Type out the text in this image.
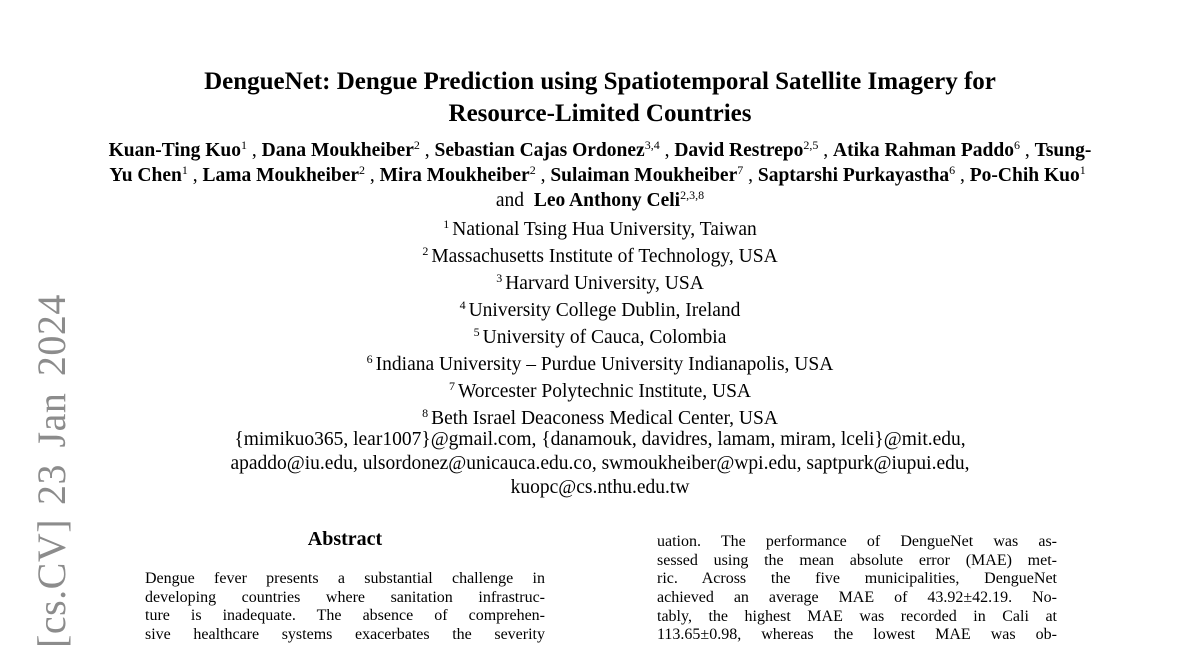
[cs.CV]23 Jan 2024
DengueNet: Dengue Prediction using Spatiotemporal Satellite Imagery for
Resource-Limited Countries
Kuan-Ting Kuo$^1$ , Dana Moukheiber$^2$ , Sebastian Cajas Ordonez$^{3,4}$ , David Restrepo$^{2,5}$ , Atika Rahman Paddo$^6$ , Tsung-Yu Chen$^1$ , Lama Moukheiber$^2$ , Mira Moukheiber$^2$ , Sulaiman Moukheiber$^7$ , Saptarshi Purkayastha$^6$ , Po-Chih Kuo$^1$  and Leo Anthony Celi$^{2,3,8}$
$^1$ National Tsing Hua University, Taiwan
$^2$ Massachusetts Institute of Technology, USA
$^3$ Harvard University, USA
$^4$ University College Dublin, Ireland
$^5$ University of Cauca, Colombia
$^6$ Indiana University – Purdue University Indianapolis, USA
$^7$ Worcester Polytechnic Institute, USA
$^8$ Beth Israel Deaconess Medical Center, USA
{mimikuo365, lear1007}@gmail.com, {danamouk, davidres, lamam, miram, lceli}@mit.edu,
apaddo@iu.edu, ulsordonez@unicauca.edu.co, swmoukheiber@wpi.edu, saptpurk@iupui.edu,
kuopc@cs.nthu.edu.tw
Abstract
Dengue fever presents a substantial challenge in
developing countries where sanitation infrastruc-
ture is inadequate. The absence of comprehen-
sive healthcare systems exacerbates the severity
uation. The performance of DengueNet was as-
sessed using the mean absolute error (MAE) met-
ric. Across the five municipalities, DengueNet
achieved an average MAE of 43.92±42.19. No-
tably, the highest MAE was recorded in Cali at
113.65±0.98, whereas the lowest MAE was ob-
